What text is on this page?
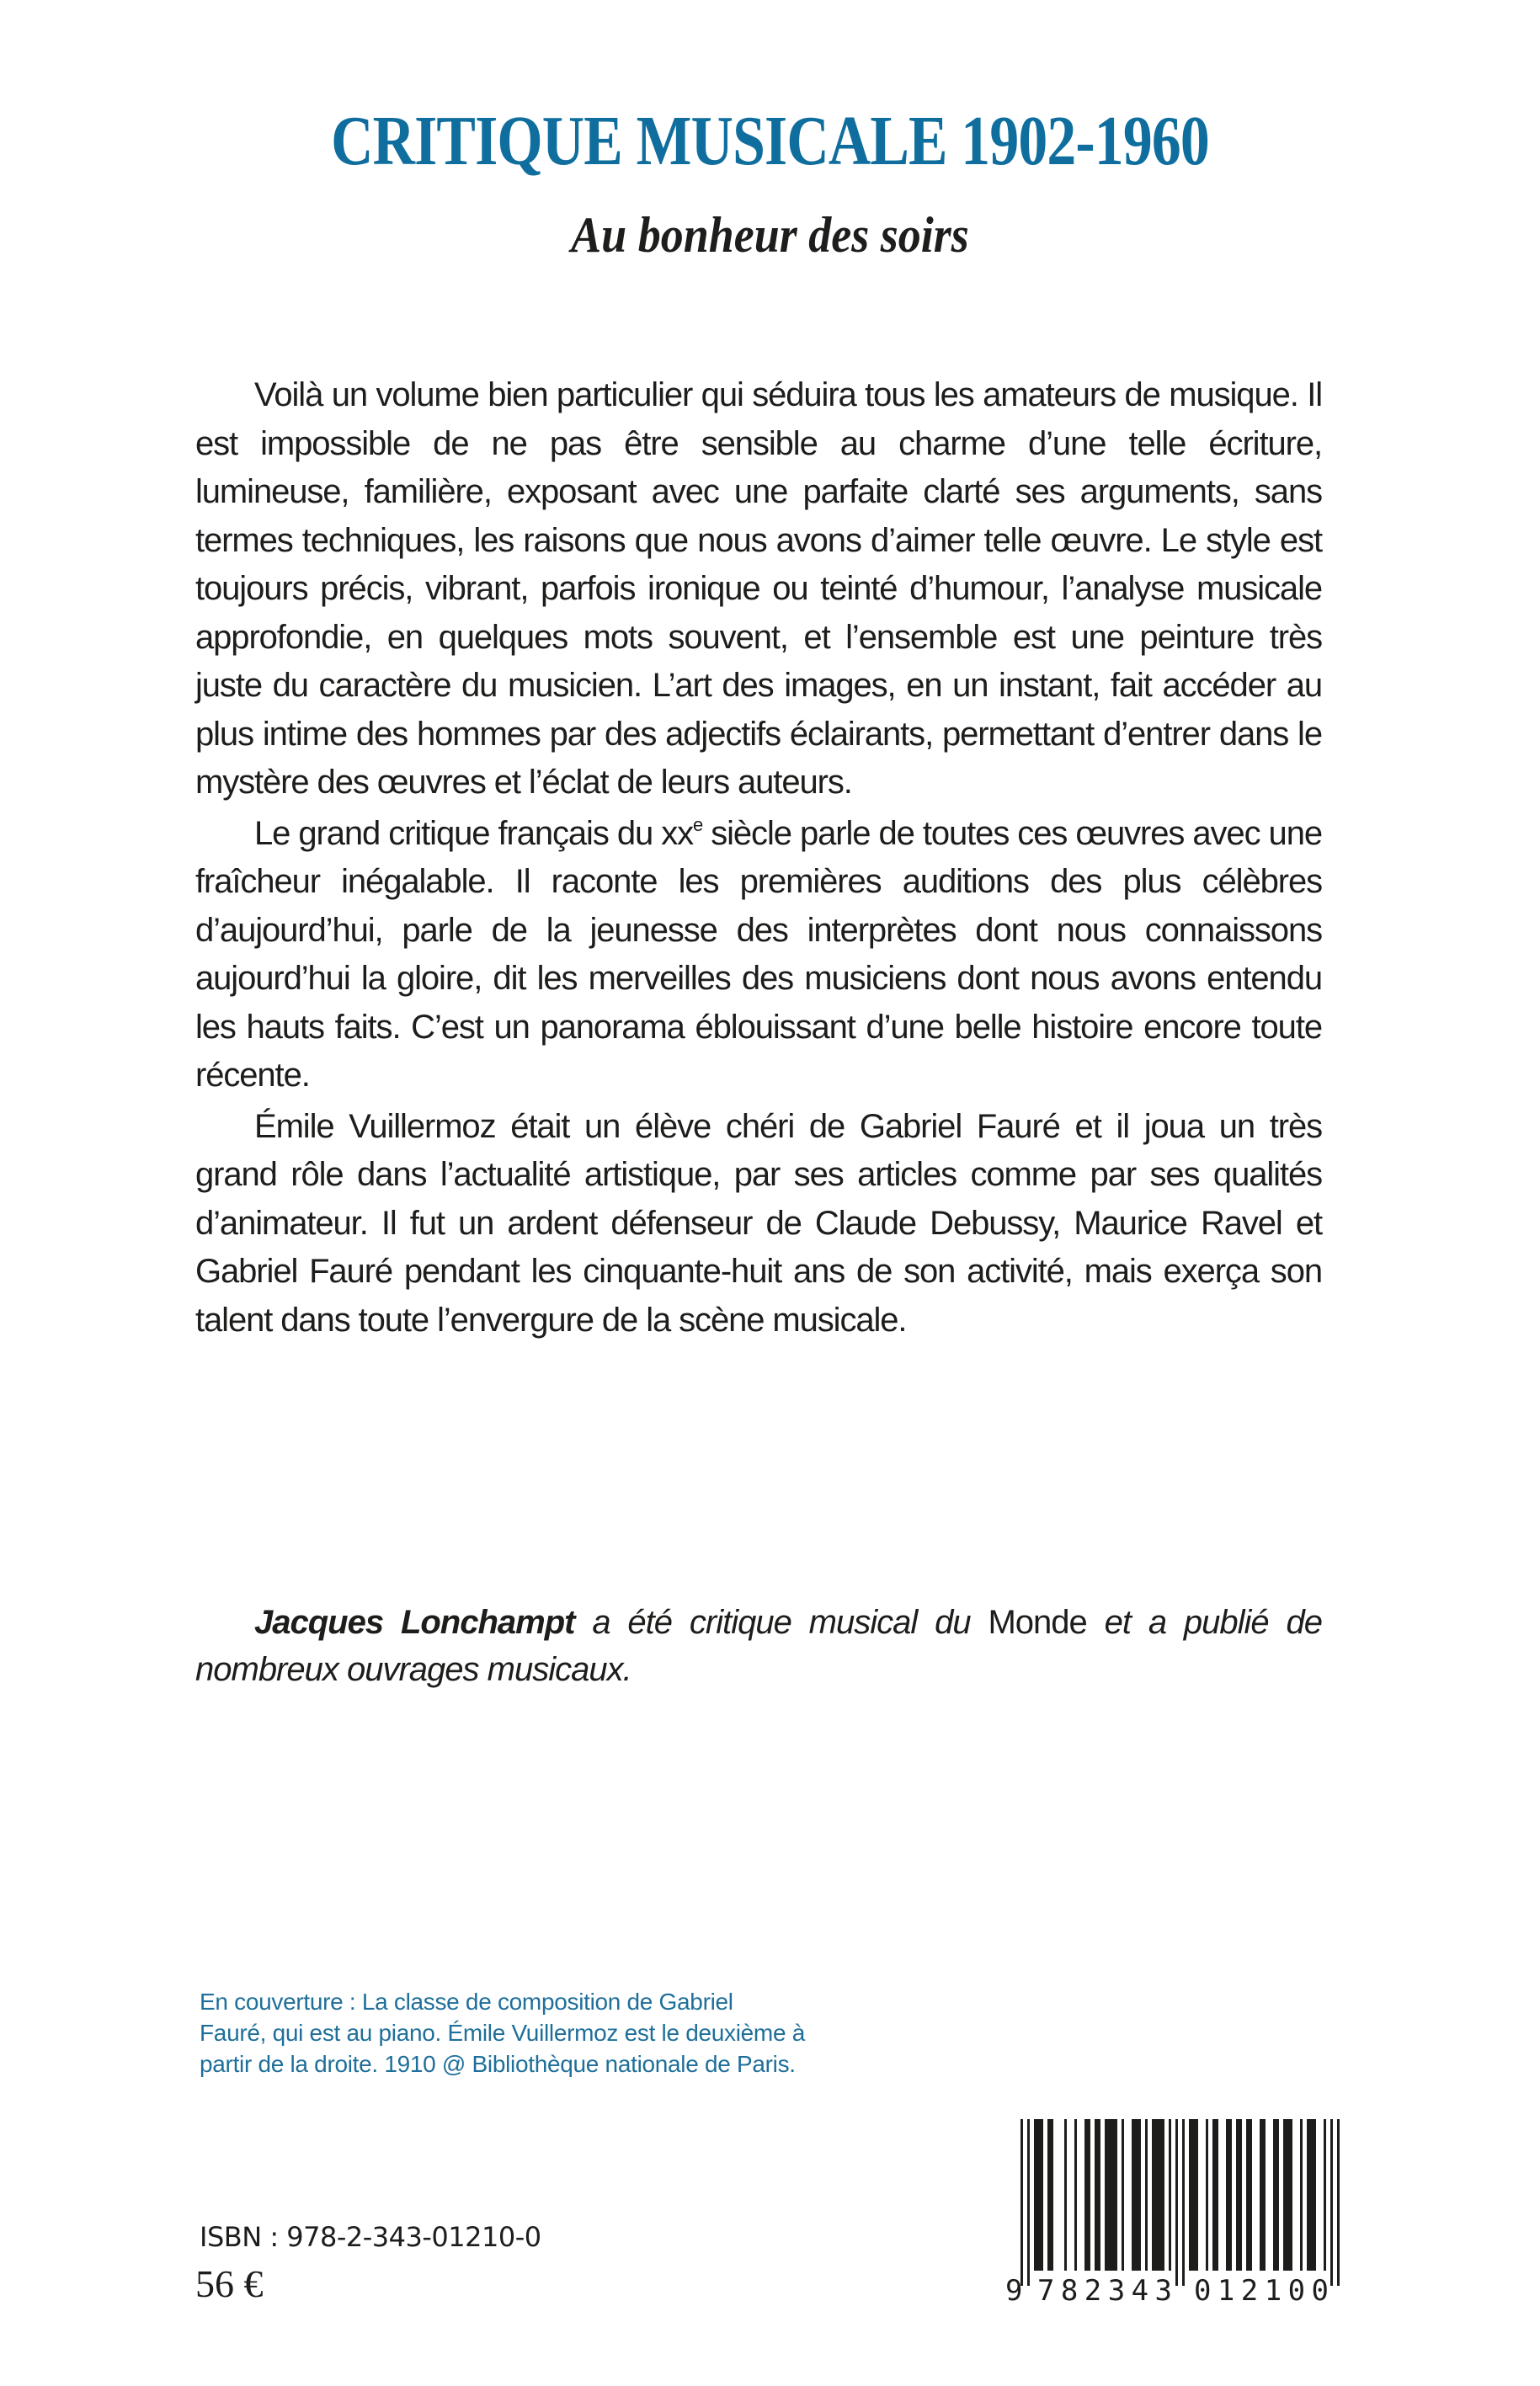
CRITIQUE MUSICALE 1902-1960
Au bonheur des soirs

Voilà un volume bien particulier qui séduira tous les amateurs de musique. Il est impossible de ne pas être sensible au charme d’une telle écriture, lumineuse, familière, exposant avec une parfaite clarté ses arguments, sans termes techniques, les raisons que nous avons d’aimer telle œuvre. Le style est toujours précis, vibrant, parfois ironique ou teinté d’humour, l’analyse musicale approfondie, en quelques mots souvent, et l’ensemble est une peinture très juste du caractère du musicien. L’art des images, en un instant, fait accéder au plus intime des hommes par des adjectifs éclairants, permettant d’entrer dans le mystère des œuvres et l’éclat de leurs auteurs.

Le grand critique français du $xx^e$ siècle parle de toutes ces œuvres avec une fraîcheur inégalable. Il raconte les premières auditions des plus célèbres d’aujourd’hui, parle de la jeunesse des interprètes dont nous connaissons aujourd’hui la gloire, dit les merveilles des musiciens dont nous avons entendu les hauts faits. C’est un panorama éblouissant d’une belle histoire encore toute récente.

Émile Vuillermoz était un élève chéri de Gabriel Fauré et il joua un très grand rôle dans l’actualité artistique, par ses articles comme par ses qualités d’animateur. Il fut un ardent défenseur de Claude Debussy, Maurice Ravel et Gabriel Fauré pendant les cinquante-huit ans de son activité, mais exerça son talent dans toute l’envergure de la scène musicale.

Jacques Lonchampt a été critique musical du Monde et a publié de nombreux ouvrages musicaux.

En couverture : La classe de composition de Gabriel
Fauré, qui est au piano. Émile Vuillermoz est le deuxième à
partir de la droite. 1910 @ Bibliothèque nationale de Paris.
ISBN : 978-2-343-01210-0
56 €	9 782343 012100
